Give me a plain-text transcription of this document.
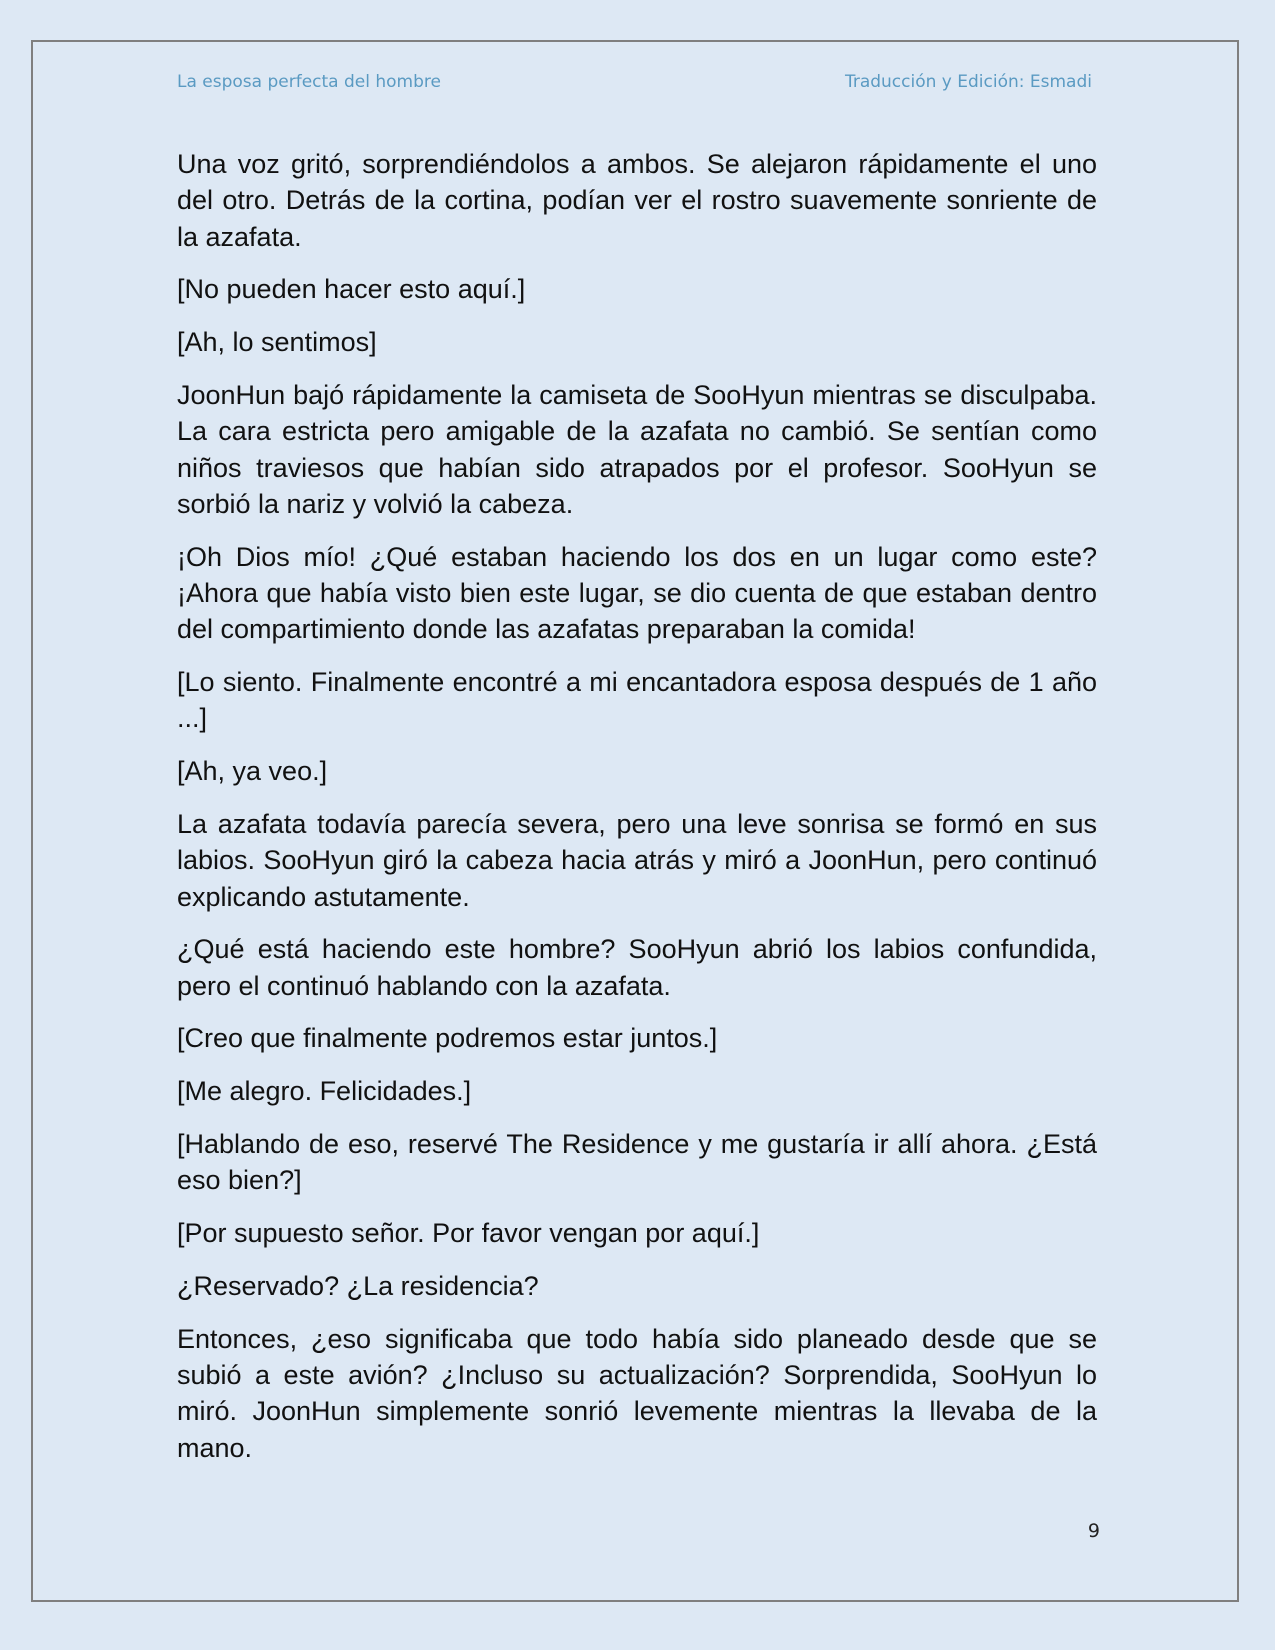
La esposa perfecta del hombre	Traducción y Edición: Esmadi

Una voz gritó, sorprendiéndolos a ambos. Se alejaron rápidamente el uno del otro. Detrás de la cortina, podían ver el rostro suavemente sonriente de la azafata.

[No pueden hacer esto aquí.]

[Ah, lo sentimos]

JoonHun bajó rápidamente la camiseta de SooHyun mientras se disculpaba. La cara estricta pero amigable de la azafata no cambió. Se sentían como niños traviesos que habían sido atrapados por el profesor. SooHyun se sorbió la nariz y volvió la cabeza.

¡Oh Dios mío! ¿Qué estaban haciendo los dos en un lugar como este? ¡Ahora que había visto bien este lugar, se dio cuenta de que estaban dentro del compartimiento donde las azafatas preparaban la comida!

[Lo siento. Finalmente encontré a mi encantadora esposa después de 1 año ...]

[Ah, ya veo.]

La azafata todavía parecía severa, pero una leve sonrisa se formó en sus labios. SooHyun giró la cabeza hacia atrás y miró a JoonHun, pero continuó explicando astutamente.

¿Qué está haciendo este hombre? SooHyun abrió los labios confundida, pero el continuó hablando con la azafata.

[Creo que finalmente podremos estar juntos.]

[Me alegro. Felicidades.]

[Hablando de eso, reservé The Residence y me gustaría ir allí ahora. ¿Está eso bien?]

[Por supuesto señor. Por favor vengan por aquí.]

¿Reservado? ¿La residencia?

Entonces, ¿eso significaba que todo había sido planeado desde que se subió a este avión? ¿Incluso su actualización? Sorprendida, SooHyun lo miró. JoonHun simplemente sonrió levemente mientras la llevaba de la mano.

9
